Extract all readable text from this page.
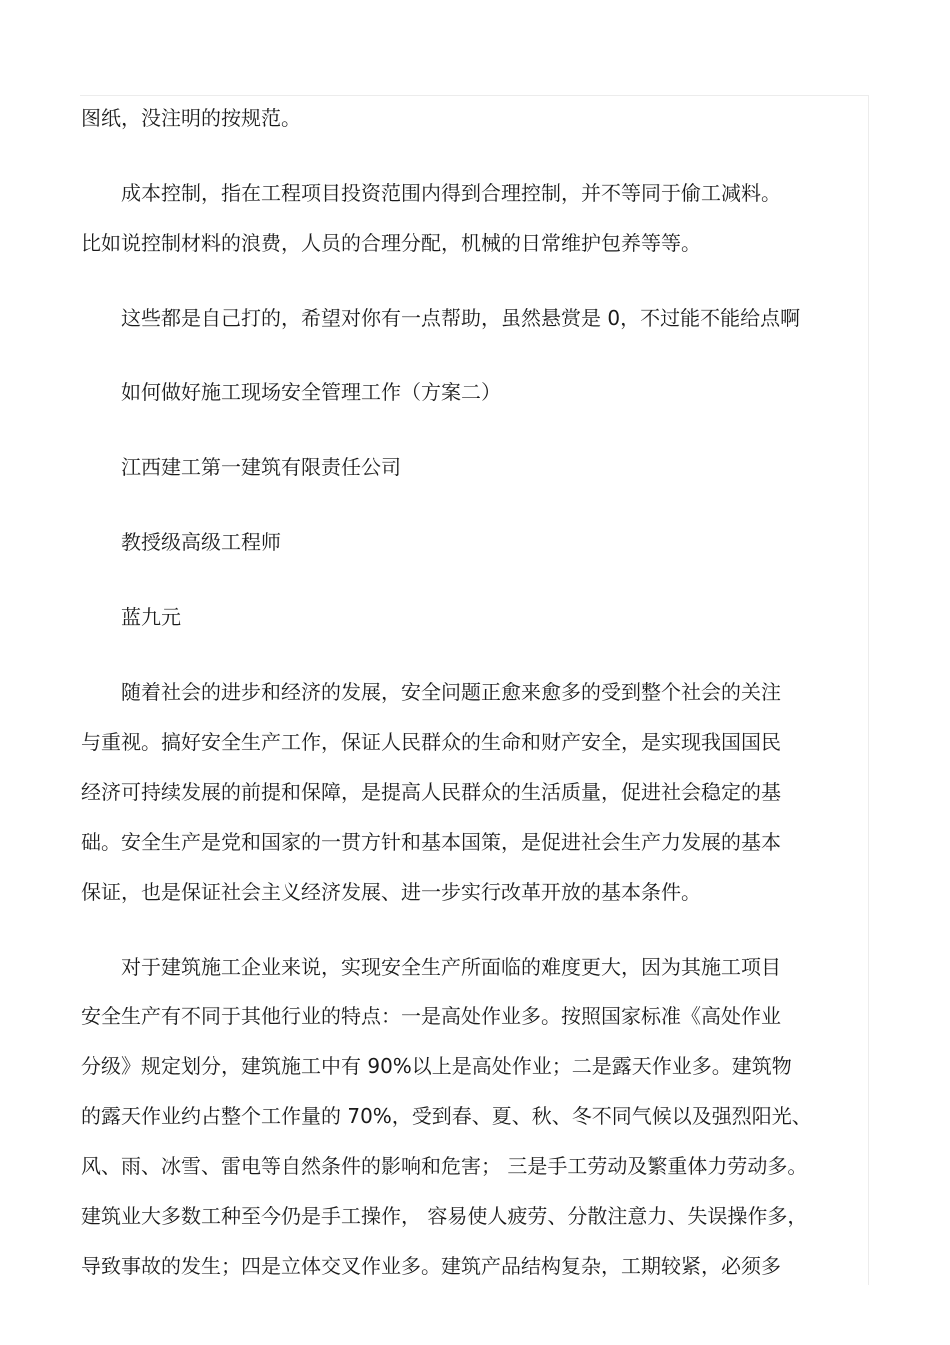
图纸，没注明的按规范。

成本控制，指在工程项目投资范围内得到合理控制，并不等同于偷工减料。

比如说控制材料的浪费，人员的合理分配，机械的日常维护包养等等。

这些都是自己打的，希望对你有一点帮助，虽然悬赏是 0，不过能不能给点啊

如何做好施工现场安全管理工作（方案二）

江西建工第一建筑有限责任公司

教授级高级工程师

蓝九元

随着社会的进步和经济的发展，安全问题正愈来愈多的受到整个社会的关注

与重视。搞好安全生产工作，保证人民群众的生命和财产安全，是实现我国国民

经济可持续发展的前提和保障，是提高人民群众的生活质量，促进社会稳定的基

础。安全生产是党和国家的一贯方针和基本国策，是促进社会生产力发展的基本

保证，也是保证社会主义经济发展、进一步实行改革开放的基本条件。

对于建筑施工企业来说，实现安全生产所面临的难度更大，因为其施工项目

安全生产有不同于其他行业的特点：一是高处作业多。按照国家标准《高处作业

分级》规定划分，建筑施工中有 90%以上是高处作业；二是露天作业多。建筑物

的露天作业约占整个工作量的 70%，受到春、夏、秋、冬不同气候以及强烈阳光、

风、雨、冰雪、雷电等自然条件的影响和危害； 三是手工劳动及繁重体力劳动多。

建筑业大多数工种至今仍是手工操作， 容易使人疲劳、分散注意力、失误操作多，

导致事故的发生；四是立体交叉作业多。建筑产品结构复杂，工期较紧，必须多
